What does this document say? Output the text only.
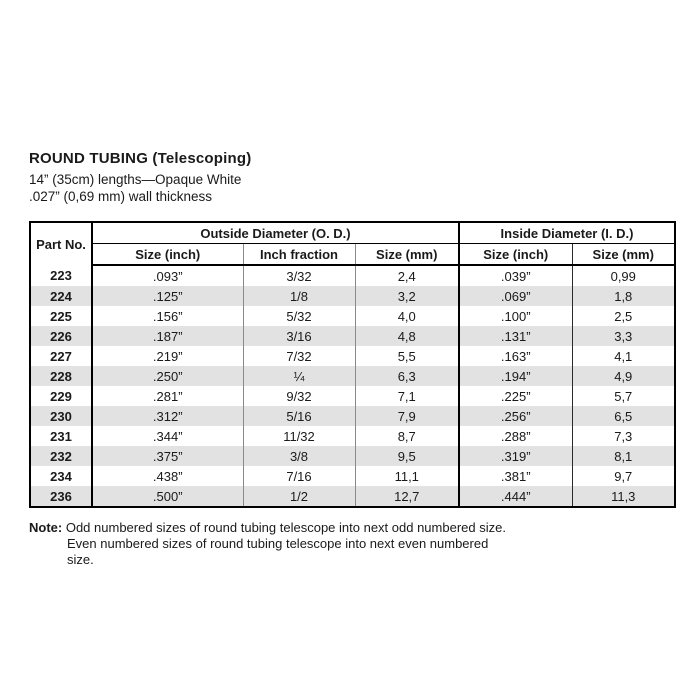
ROUND TUBING (Telescoping)
14” (35cm) lengths—Opaque White
.027” (0,69 mm) wall thickness
Part No.	Outside Diameter (O. D.)			Inside Diameter (I. D.)	
	Size (inch)	Inch fraction	Size (mm)	Size (inch)	Size (mm)
223	.093”	3/32	2,4	.039”	0,99
224	.125”	1/8	3,2	.069”	1,8
225	.156”	5/32	4,0	.100”	2,5
226	.187”	3/16	4,8	.131”	3,3
227	.219”	7/32	5,5	.163”	4,1
228	.250”	¼	6,3	.194”	4,9
229	.281”	9/32	7,1	.225”	5,7
230	.312”	5/16	7,9	.256”	6,5
231	.344”	11/32	8,7	.288”	7,3
232	.375”	3/8	9,5	.319”	8,1
234	.438”	7/16	11,1	.381”	9,7
236	.500”	1/2	12,7	.444”	11,3
Note: Odd numbered sizes of round tubing telescope into next odd numbered size. Even numbered sizes of round tubing telescope into next even numbered size.
